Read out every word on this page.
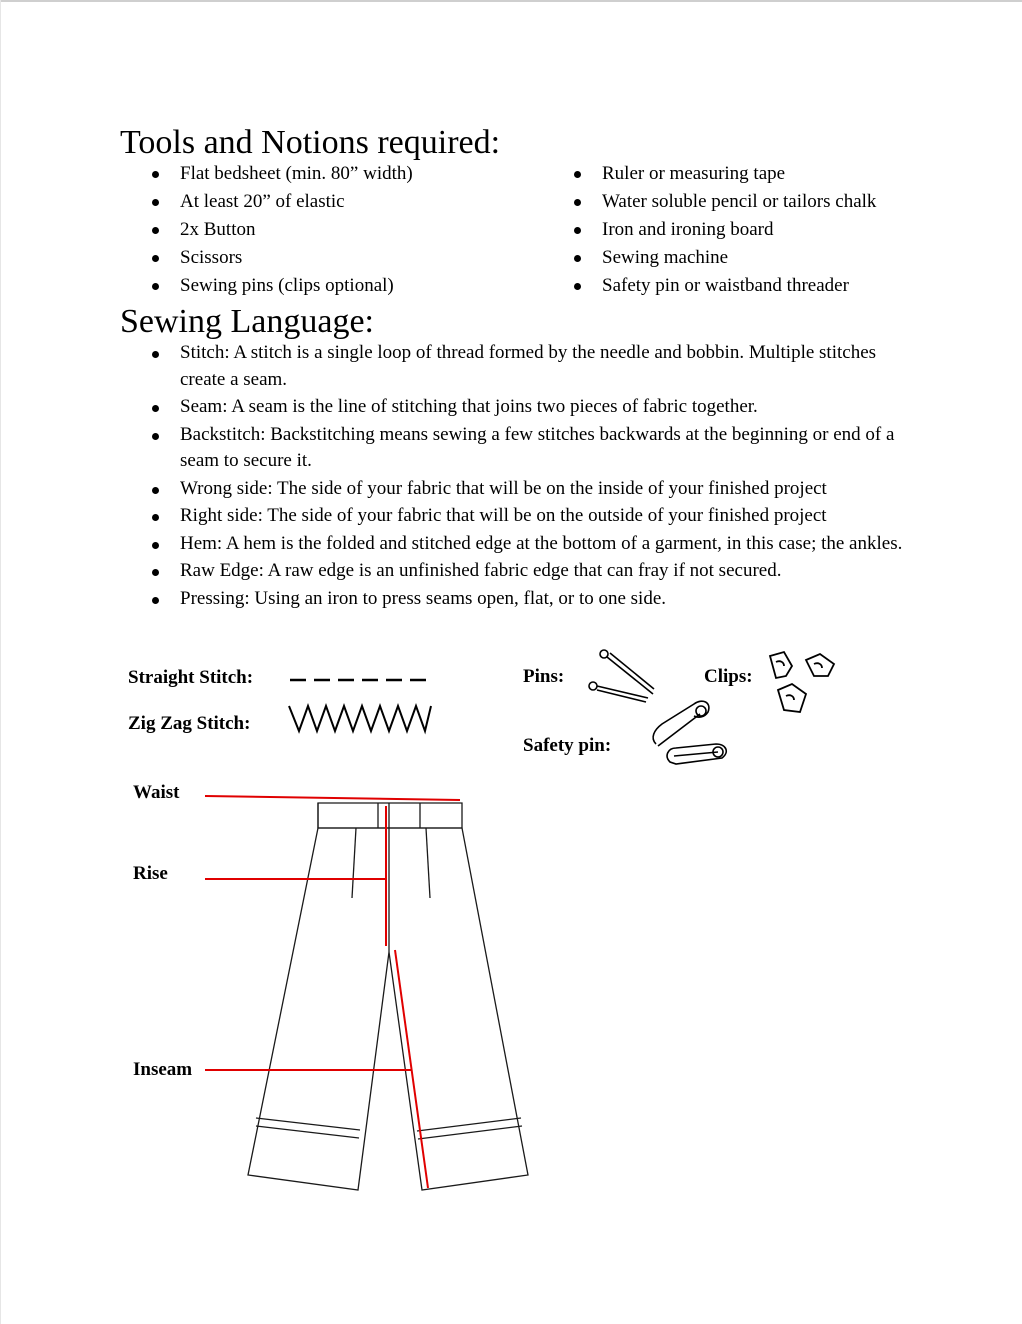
Tools and Notions required:
Flat bedsheet (min. 80” width)
At least 20” of elastic
2x Button
Scissors
Sewing pins (clips optional)
Ruler or measuring tape
Water soluble pencil or tailors chalk
Iron and ironing board
Sewing machine
Safety pin or waistband threader
Sewing Language:
Stitch: A stitch is a single loop of thread formed by the needle and bobbin. Multiple stitches create a seam.
Seam: A seam is the line of stitching that joins two pieces of fabric together.
Backstitch: Backstitching means sewing a few stitches backwards at the beginning or end of a seam to secure it.
Wrong side: The side of your fabric that will be on the inside of your finished project
Right side: The side of your fabric that will be on the outside of your finished project
Hem: A hem is the folded and stitched edge at the bottom of a garment, in this case; the ankles.
Raw Edge: A raw edge is an unfinished fabric edge that can fray if not secured.
Pressing: Using an iron to press seams open, flat, or to one side.
Straight Stitch:
Zig Zag Stitch:
Pins:	Clips:
Safety pin:
Waist
Rise
Inseam
